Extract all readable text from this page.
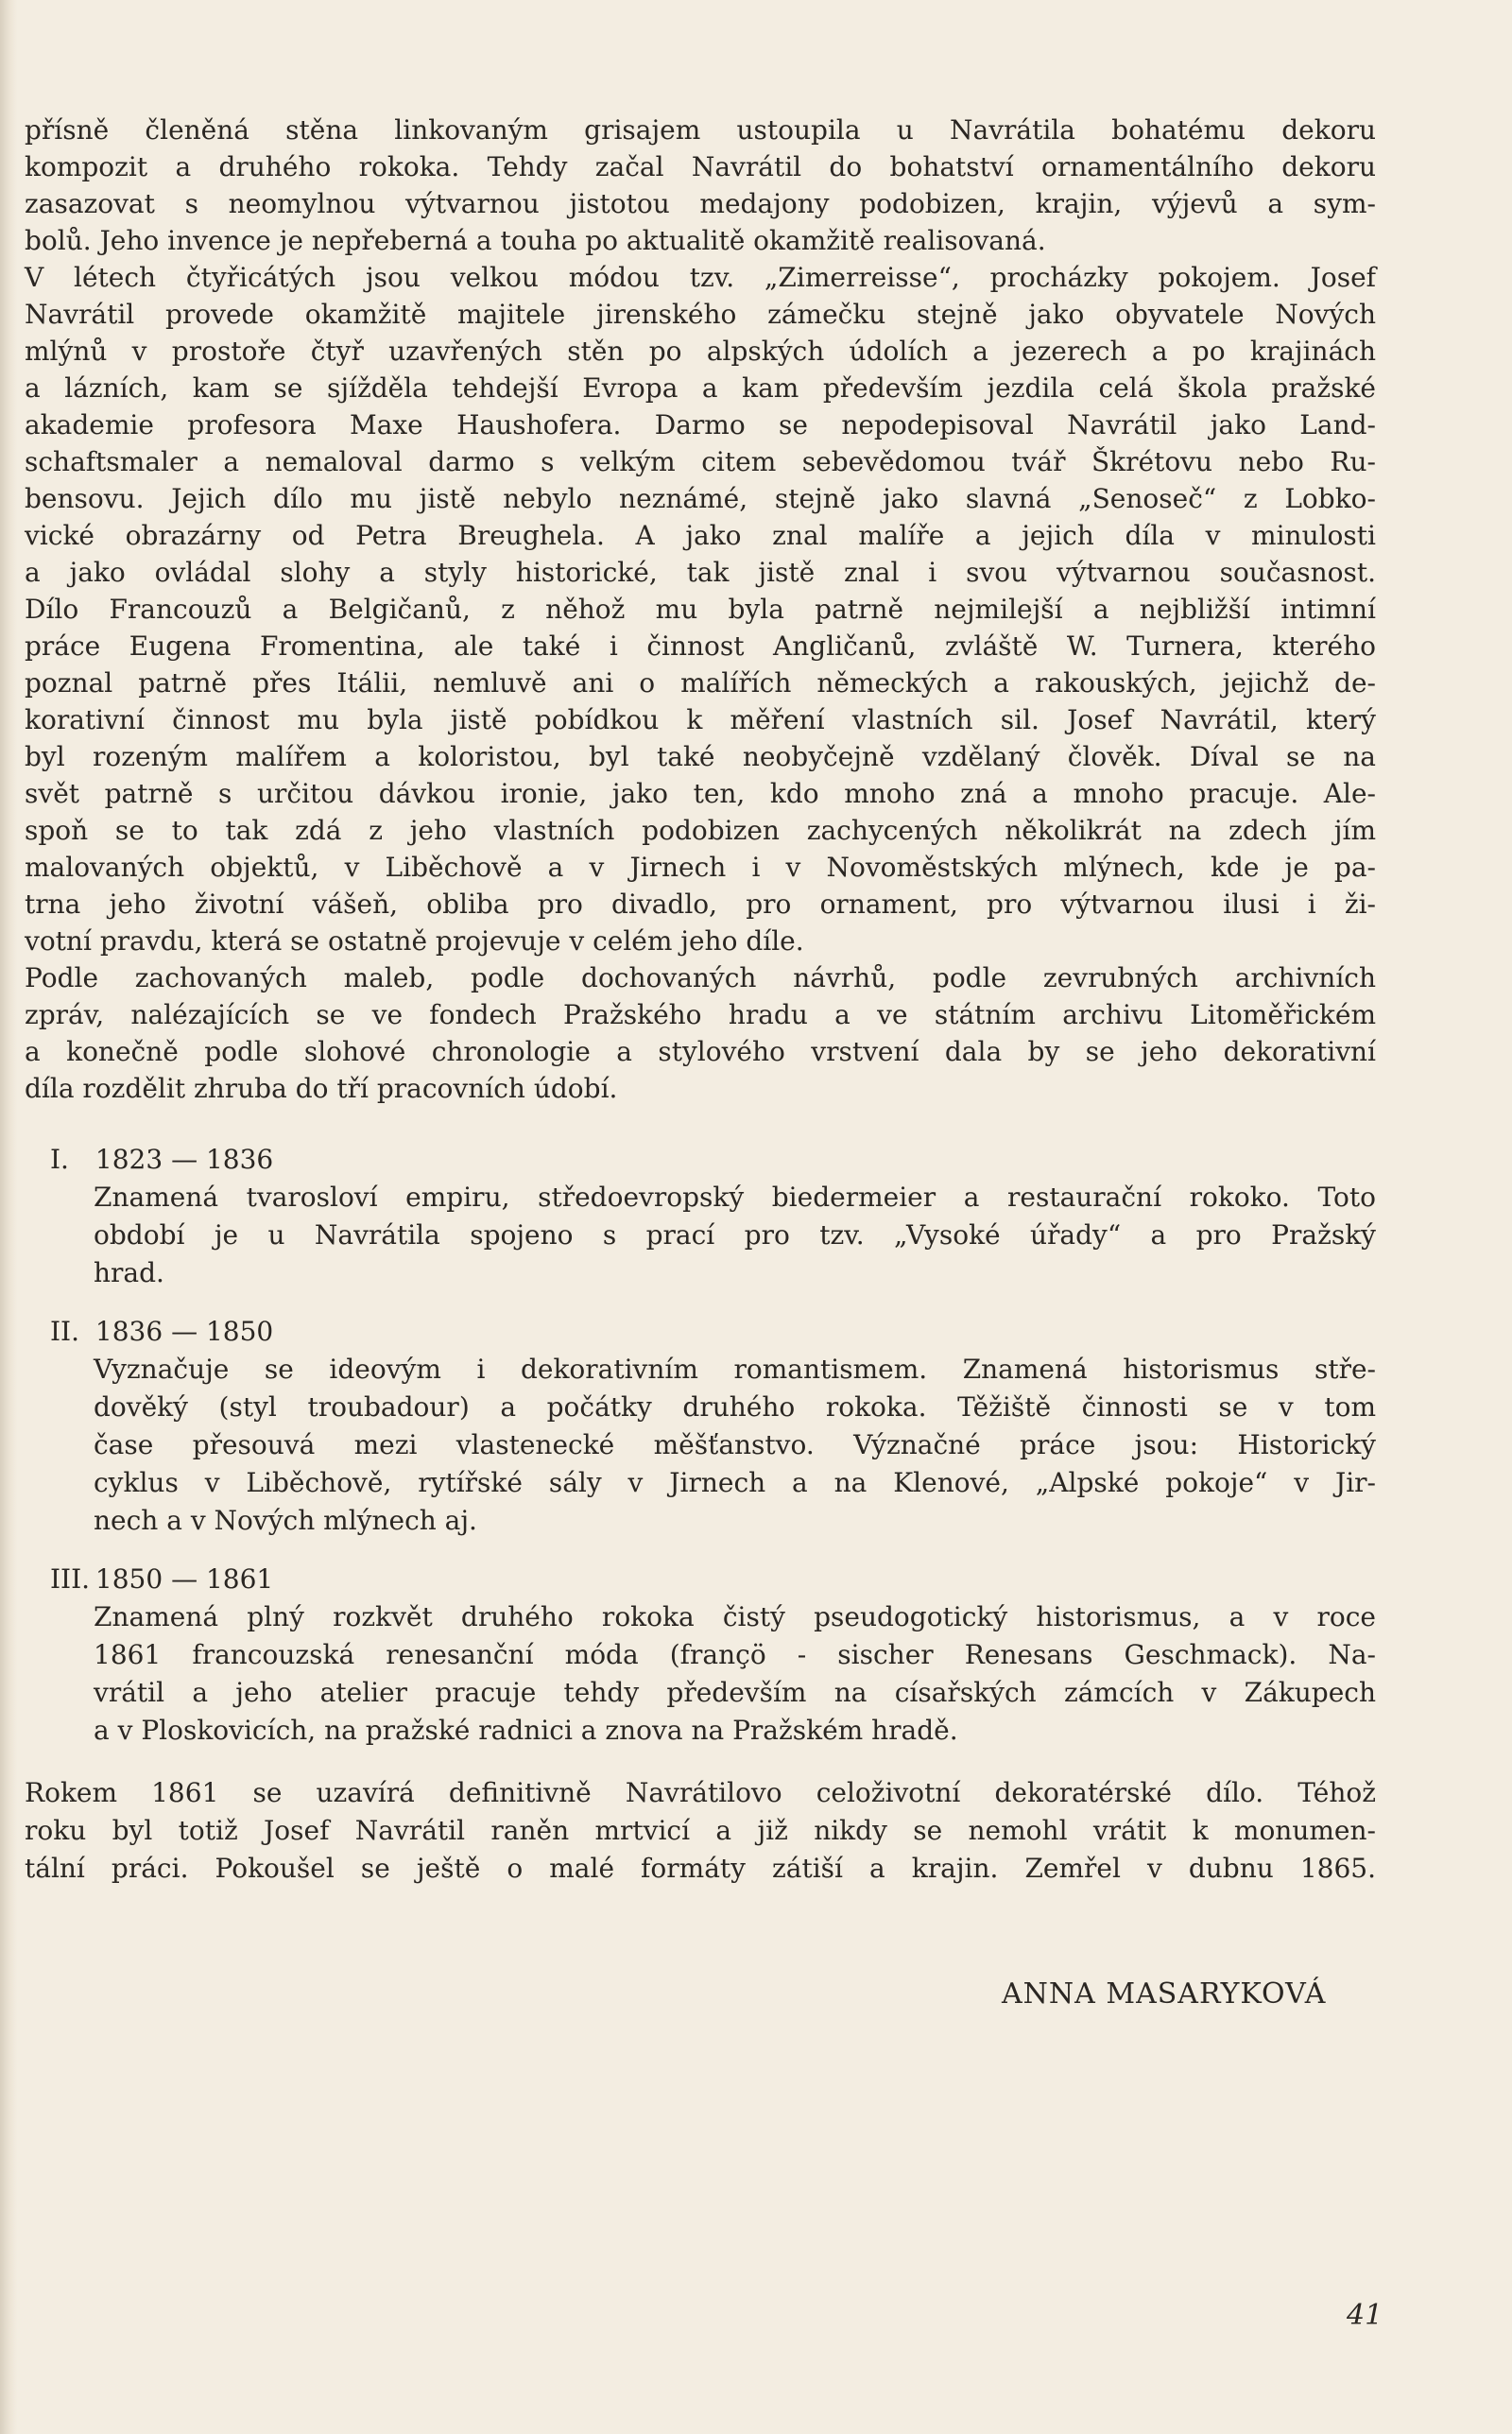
přísně členěná stěna linkovaným grisajem ustoupila u Navrátila bohatému dekoru

kompozit a druhého rokoka. Tehdy začal Navrátil do bohatství ornamentálního dekoru

zasazovat s neomylnou výtvarnou jistotou medajony podobizen, krajin, výjevů a sym-

bolů. Jeho invence je nepřeberná a touha po aktualitě okamžitě realisovaná.

V létech čtyřicátých jsou velkou módou tzv. „Zimerreisse“, procházky pokojem. Josef

Navrátil provede okamžitě majitele jirenského zámečku stejně jako obyvatele Nových

mlýnů v prostoře čtyř uzavřených stěn po alpských údolích a jezerech a po krajinách

a lázních, kam se sjížděla tehdejší Evropa a kam především jezdila celá škola pražské

akademie profesora Maxe Haushofera. Darmo se nepodepisoval Navrátil jako Land-

schaftsmaler a nemaloval darmo s velkým citem sebevědomou tvář Škrétovu nebo Ru-

bensovu. Jejich dílo mu jistě nebylo neznámé, stejně jako slavná „Senoseč“ z Lobko-

vické obrazárny od Petra Breughela. A jako znal malíře a jejich díla v minulosti

a jako ovládal slohy a styly historické, tak jistě znal i svou výtvarnou současnost.

Dílo Francouzů a Belgičanů, z něhož mu byla patrně nejmilejší a nejbližší intimní

práce Eugena Fromentina, ale také i činnost Angličanů, zvláště W. Turnera, kterého

poznal patrně přes Itálii, nemluvě ani o malířích německých a rakouských, jejichž de-

korativní činnost mu byla jistě pobídkou k měření vlastních sil. Josef Navrátil, který

byl rozeným malířem a koloristou, byl také neobyčejně vzdělaný člověk. Díval se na

svět patrně s určitou dávkou ironie, jako ten, kdo mnoho zná a mnoho pracuje. Ale-

spoň se to tak zdá z jeho vlastních podobizen zachycených několikrát na zdech jím

malovaných objektů, v Liběchově a v Jirnech i v Novoměstských mlýnech, kde je pa-

trna jeho životní vášeň, obliba pro divadlo, pro ornament, pro výtvarnou ilusi i ži-

votní pravdu, která se ostatně projevuje v celém jeho díle.

Podle zachovaných maleb, podle dochovaných návrhů, podle zevrubných archivních

zpráv, nalézajících se ve fondech Pražského hradu a ve státním archivu Litoměřickém

a konečně podle slohové chronologie a stylového vrstvení dala by se jeho dekorativní

díla rozdělit zhruba do tří pracovních údobí.

I. 1823 — 1836

Znamená tvarosloví empiru, středoevropský biedermeier a restaurační rokoko. Toto

období je u Navrátila spojeno s prací pro tzv. „Vysoké úřady“ a pro Pražský

hrad.

II. 1836 — 1850

Vyznačuje se ideovým i dekorativním romantismem. Znamená historismus stře-

dověký (styl troubadour) a počátky druhého rokoka. Těžiště činnosti se v tom

čase přesouvá mezi vlastenecké měšťanstvo. Význačné práce jsou: Historický

cyklus v Liběchově, rytířské sály v Jirnech a na Klenové, „Alpské pokoje“ v Jir-

nech a v Nových mlýnech aj.

III. 1850 — 1861

Znamená plný rozkvět druhého rokoka čistý pseudogotický historismus, a v roce

1861 francouzská renesanční móda (franҫö - sischer Renesans Geschmack). Na-

vrátil a jeho atelier pracuje tehdy především na císařských zámcích v Zákupech

a v Ploskovicích, na pražské radnici a znova na Pražském hradě.

Rokem 1861 se uzavírá definitivně Navrátilovo celoživotní dekoratérské dílo. Téhož

roku byl totiž Josef Navrátil raněn mrtvicí a již nikdy se nemohl vrátit k monumen-

tální práci. Pokoušel se ještě o malé formáty zátiší a krajin. Zemřel v dubnu 1865.

ANNA MASARYKOVÁ
41
